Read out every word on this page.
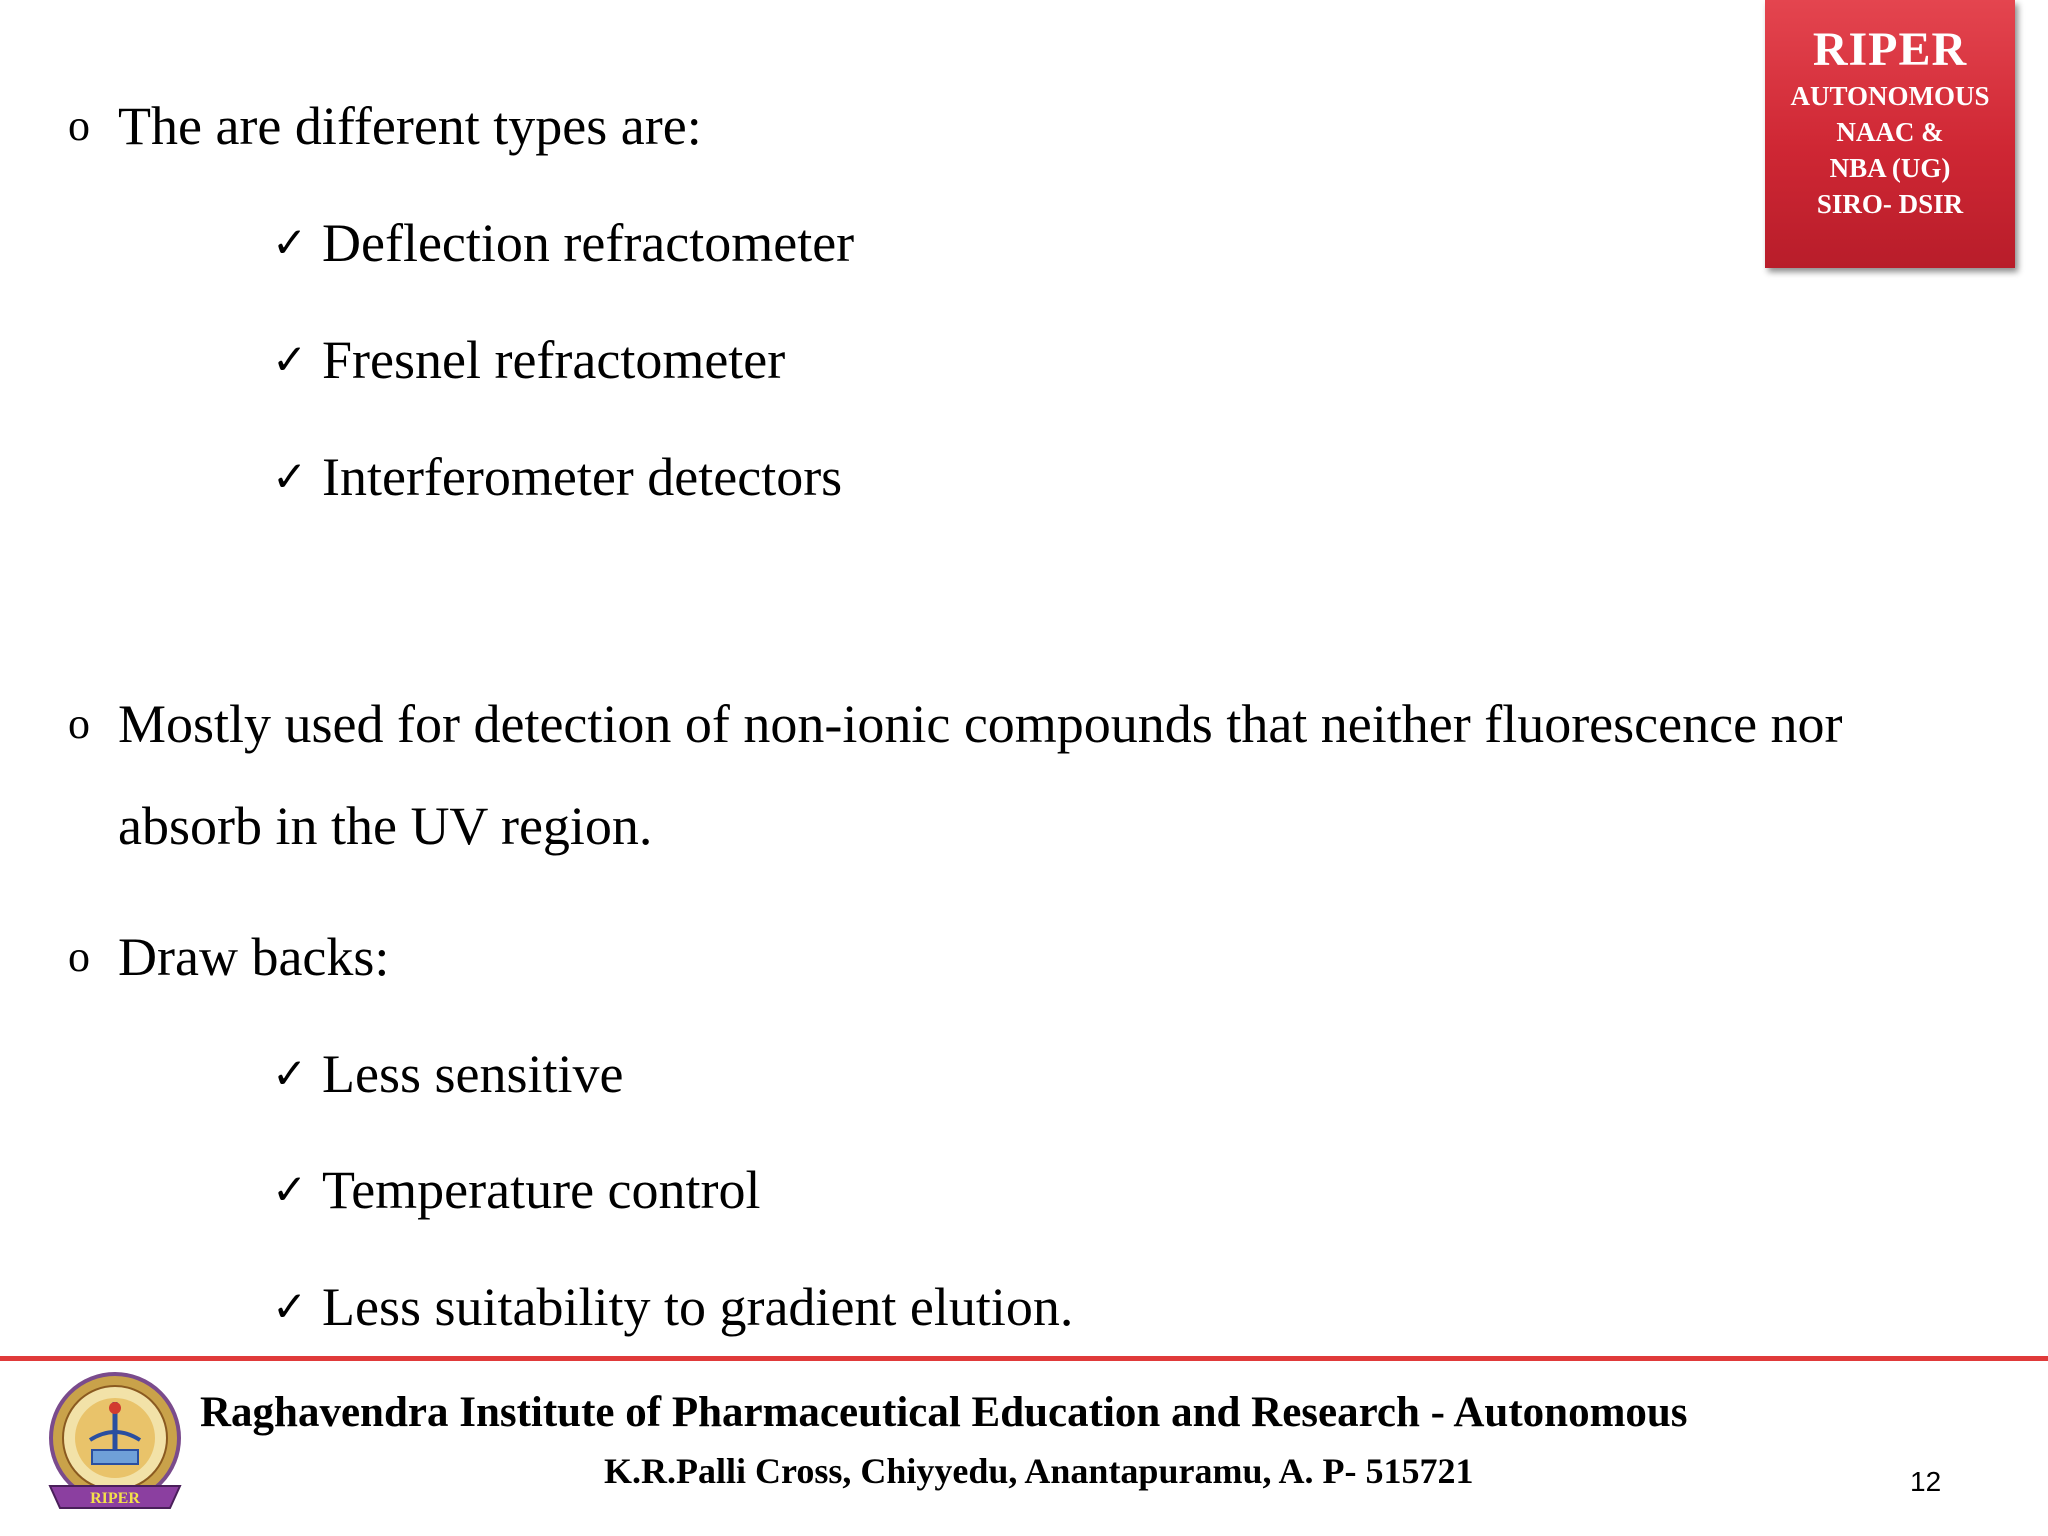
RIPER
AUTONOMOUS
NAAC &
NBA (UG)
SIRO- DSIR
o The are different types are:
✓ Deflection refractometer
✓ Fresnel refractometer
✓ Interferometer detectors
o Mostly used for detection of non-ionic compounds that neither fluorescence nor
absorb in the UV region.
o Draw backs:
✓ Less sensitive
✓ Temperature control
✓ Less suitability to gradient elution.
RIPER
Raghavendra Institute of Pharmaceutical Education and Research - Autonomous
K.R.Palli Cross, Chiyyedu, Anantapuramu, A. P- 515721	12
